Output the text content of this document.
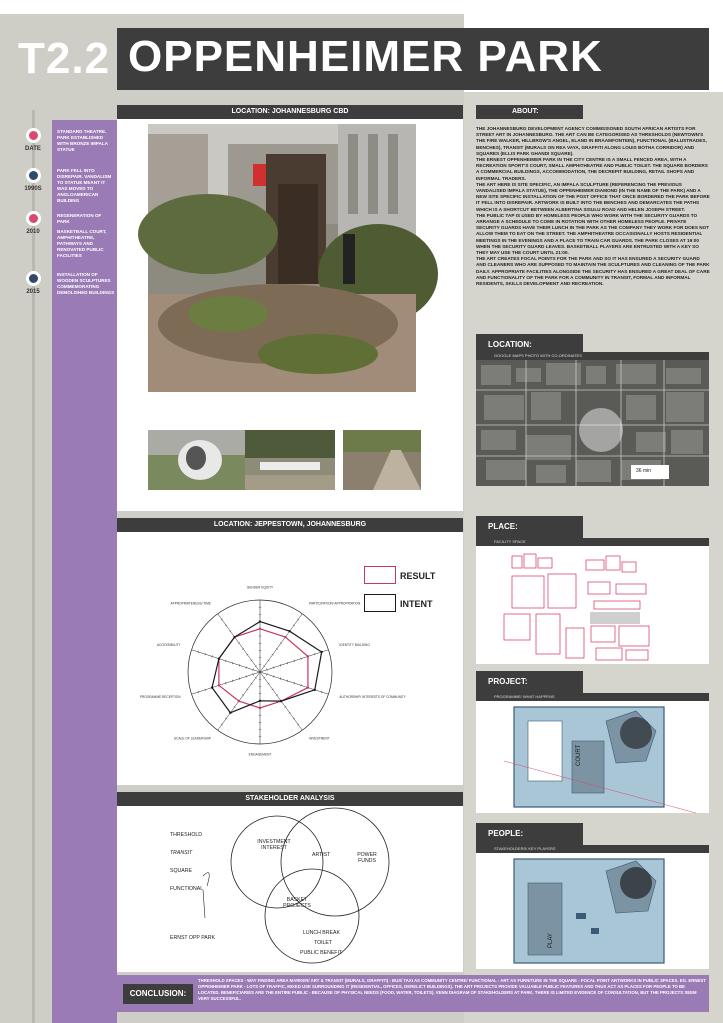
T2.2 OPPENHEIMER PARK
DATE
STANDARD THEATRE. PARK ESTABLISHED WITH BRONZE IMPALA STATUE
1990S
PARK FELL INTO DISREPAIR. VANDALISM TO STATUE MEANT IT WAS MOVED TO ANGLOAMERICAN BUILDING
2010
REGENERATION OF PARK
BASKETBALL COURT, AMPHITHEATRE, PATHWAYS AND RENOVATED PUBLIC FACILITIES
2015
INSTALLATION OF WOODEN SCULPTURES COMMEMORATING DEMOLISHED BUILDINGS
LOCATION: JOHANNESBURG CBD	ABOUT:

THE JOHANNESBURG DEVELOPMENT AGENCY COMMISSIONED SOUTH AFRICAN ARTISTS FOR STREET ART IN JOHANNESBURG. THE ART CAN BE CATEGORISED AS THRESHOLDS (NEWTOWN'S THE FIRE WALKER, HILLBROW'S ANGEL, ELAND IN BRAAMFONTEIN), FUNCTIONAL (BALUSTRADES, BENCHES), TRANSIT (MURALS ON REA VAYA, GRAFFITI ALONG LOUIS BOTHA CORRIDOR) AND SQUARES (ELLIS PARK GHANDI SQUARE).

THE ERNEST OPPENHEIMER PARK IN THE CITY CENTRE IS A SMALL FENCED AREA, WITH A RECREATION SPORT'S COURT, SMALL AMPHITHEATRE AND PUBLIC TOILET. THE SQUARE BORDERS A COMMERCIAL BUILDINGS, ACCOMMODATION, THE DECREPIT BUILDING, RETAIL SHOPS AND INFORMAL TRADERS.

THE ART HERE IS SITE SPECIFIC, AN IMPALA SCULPTURE (REFERENCING THE PREVIOUS VANDALISED IMPALA STATUE), THE OPPENHEIMER DIAMOND (IN THE NAME OF THE PARK) AND A NEW SITE SPECIFIC INSTALLATION OF THE POST OFFICE THAT ONCE BORDERED THE PARK BEFORE IT FELL INTO DISREPAIR. ARTWORK IS BUILT INTO THE BENCHES AND DEMARCATES THE PATHS WHICH IS A SHORTCUT BETWEEN ALBERTINA SISULU ROAD AND HELEN JOSEPH STREET.

THE PUBLIC TAP IS USED BY HOMELESS PEOPLE WHO WORK WITH THE SECURITY GUARDS TO ARRANGE A SCHEDULE TO COME IN ROTATION WITH OTHER HOMELESS PEOPLE. PRIVATE SECURITY GUARDS HAVE THEIR LUNCH IN THE PARK AS THE COMPANY THEY WORK FOR DOES NOT ALLOW THEM TO EAT ON THE STREET. THE AMPHITHEATRE OCCASIONALLY HOSTS RESIDENTIAL MEETINGS IN THE EVENINGS AND A PLACE TO TRAIN CAR GUARDS. THE PARK CLOSES AT 19:00 WHEN THE SECURITY GUARD LEAVES. BASKETBALL PLAYERS ARE ENTRUSTED WITH A KEY SO THEY MAY USE THE COURT UNTIL 21:00.

THE ART CREATES FOCAL POINTS FOR THE PARK AND SO IT HAS ENSURED A SECURITY GUARD AND CLEANERS WHO ARE SUPPOSED TO MAINTAIN THE SCULPTURES AND CLEANING OF THE PARK DAILY. APPROPRIATE FACILITIES ALONGSIDE THE SECURITY HAS ENSURED A GREAT DEAL OF CARE AND FUNCTIONALITY OF THE PARK FOR A COMMUNITY IN TRANSIT, FORMAL AND INFORMAL RESIDENTS, SKILLS DEVELOPMENT AND RECREATION.

LOCATION:
GOOGLE MAPS PHOTO WITH CO-ORDINATES
36 min
LOCATION: JEPPESTOWN, JOHANNESBURG
GENDER EQUITY
PARTICIPATION/ APPROPRIATION
IDENTITY BUILDING
AUTHORSHIP/ INTERESTS OF COMMUNITY
INVESTMENT
ENGAGEMENT
SCALE OF LEADERSHIP
PROGRAMME RECEPTION
ACCESSIBILITY
APPROPRIATENESS/ TIME
RESULT
INTENT
STAKEHOLDER ANALYSIS
THRESHOLD
TRANSIT
SQUARE
FUNCTIONAL
ERNST OPP PARK
INVESTMENT INTEREST
ARTIST	POWER FUNDS
BASKET PROJECTS
LUNCH BREAK
TOILET
PUBLIC BENEFIT
PLACE:
FACILITY SPACE
PROJECT:
PROGRAMME/ WHAT HAPPENS
COURT
PEOPLE:
STAKEHOLDERS/ KEY PLAYERS
PLAY
CONCLUSION:
THRESHOLD SPACES - WAY FINDING AREA MARKER/ ART & TRANSIT (MURALS, GRAFFITI) - BUS/ TAXI AS COMMUNITY CENTRE/ FUNCTIONAL - ART AS FURNITURE IN THE SQUARE - FOCAL POINT ARTWORKS IN PUBLIC SPACES. EG. ERNEST OPPENHEIMER PARK - LOTS OF TRAFFIC, MIXED USE SURROUNDING IT (RESIDENTIAL, OFFICES, DERELICT BUILDINGS). THE ART PROJECTS PROVIDE VALUABLE PUBLIC FEATURES AND THUS ACT AS PLACES FOR PEOPLE TO BE LOCATED. BENEFICIARIES ARE THE ENTIRE PUBLIC - BECAUSE OF PHYSICAL NEEDS (FOOD, WATER, TOILETS). VENN DIAGRAM OF STAKEHOLDERS AT PARK. THERE IS LIMITED EVIDENCE OF CONSULTATION, BUT THE PROJECTS SEEM VERY SUCCESSFUL.
